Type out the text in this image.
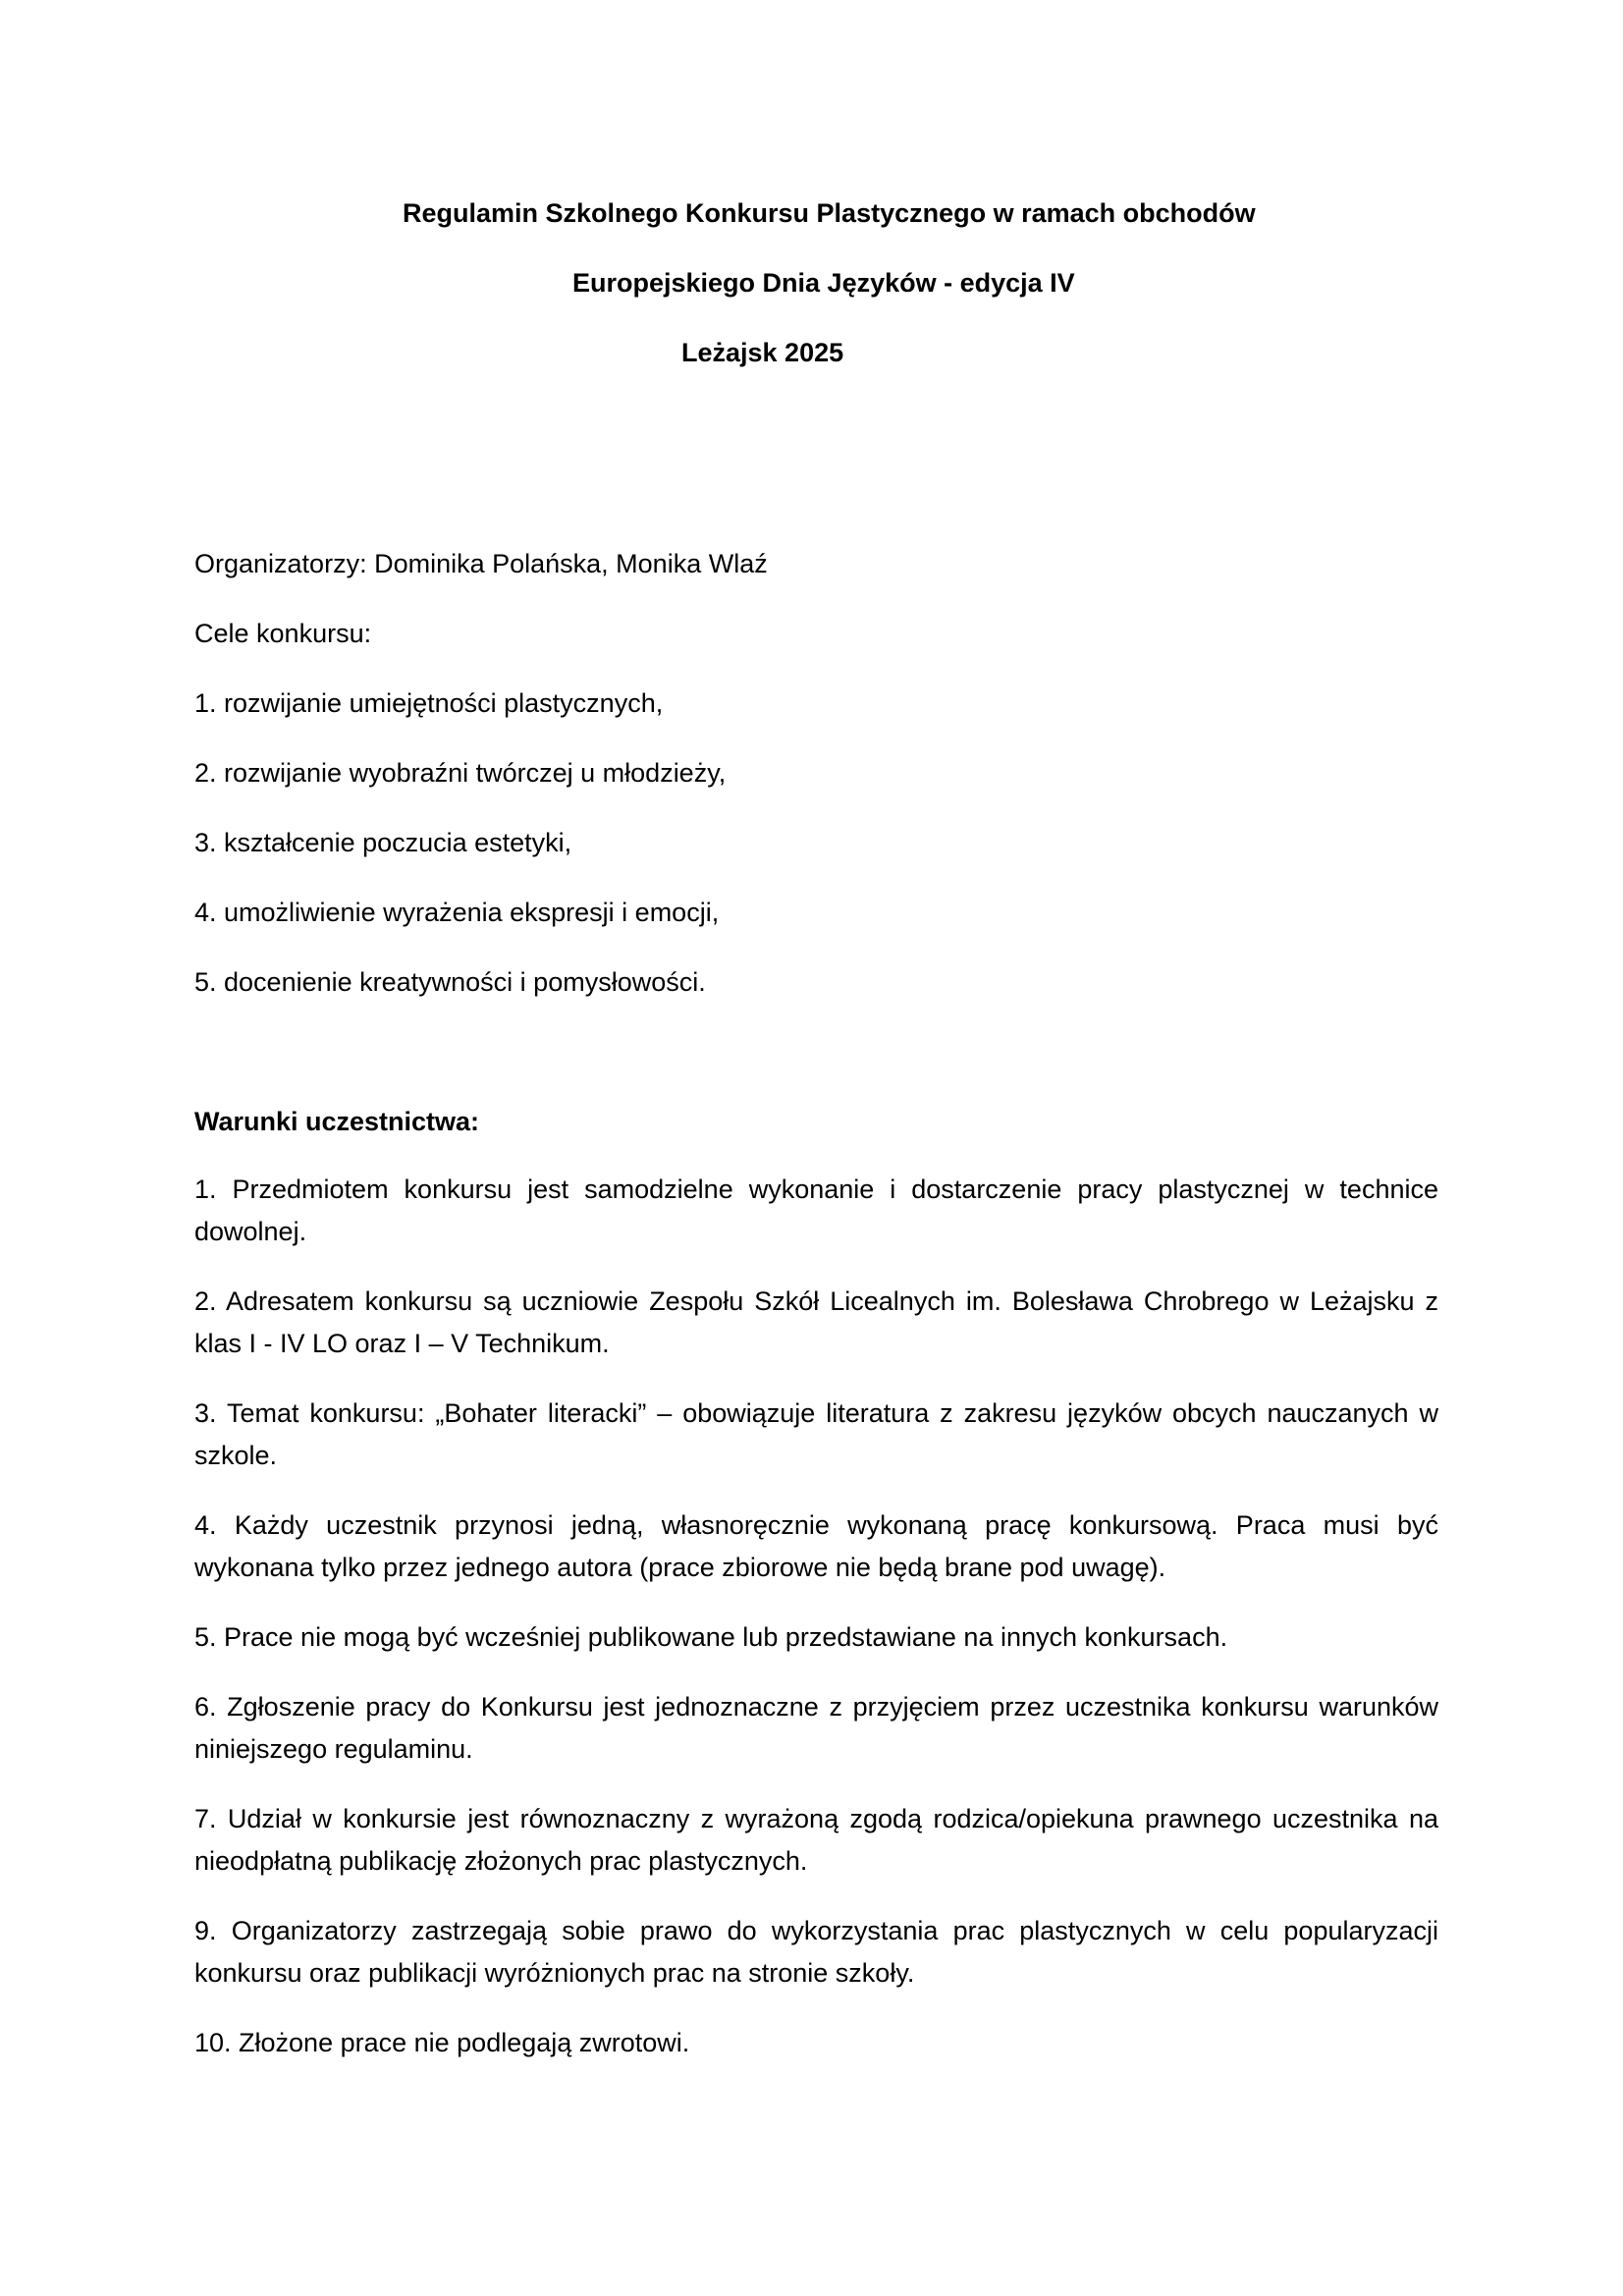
Regulamin Szkolnego Konkursu Plastycznego w ramach obchodów
Europejskiego Dnia Języków - edycja IV
Leżajsk 2025
Organizatorzy: Dominika Polańska, Monika Wlaź
Cele konkursu:
1. rozwijanie umiejętności plastycznych,
2. rozwijanie wyobraźni twórczej u młodzieży,
3. kształcenie poczucia estetyki,
4. umożliwienie wyrażenia ekspresji i emocji,
5. docenienie kreatywności i pomysłowości.
Warunki uczestnictwa:
1. Przedmiotem konkursu jest samodzielne wykonanie i dostarczenie pracy plastycznej w technice dowolnej.
2. Adresatem konkursu są uczniowie Zespołu Szkół Licealnych im. Bolesława Chrobrego w Leżajsku z klas I - IV LO oraz I – V Technikum.
3. Temat konkursu: „Bohater literacki” – obowiązuje literatura z zakresu języków obcych nauczanych w szkole.
4. Każdy uczestnik przynosi jedną, własnoręcznie wykonaną pracę konkursową. Praca musi być wykonana tylko przez jednego autora (prace zbiorowe nie będą brane pod uwagę).
5. Prace nie mogą być wcześniej publikowane lub przedstawiane na innych konkursach.
6. Zgłoszenie pracy do Konkursu jest jednoznaczne z przyjęciem przez uczestnika konkursu warunków niniejszego regulaminu.
7. Udział w konkursie jest równoznaczny z wyrażoną zgodą rodzica/opiekuna prawnego uczestnika na nieodpłatną publikację złożonych prac plastycznych.
9. Organizatorzy zastrzegają sobie prawo do wykorzystania prac plastycznych w celu popularyzacji konkursu oraz publikacji wyróżnionych prac na stronie szkoły.
10. Złożone prace nie podlegają zwrotowi.
